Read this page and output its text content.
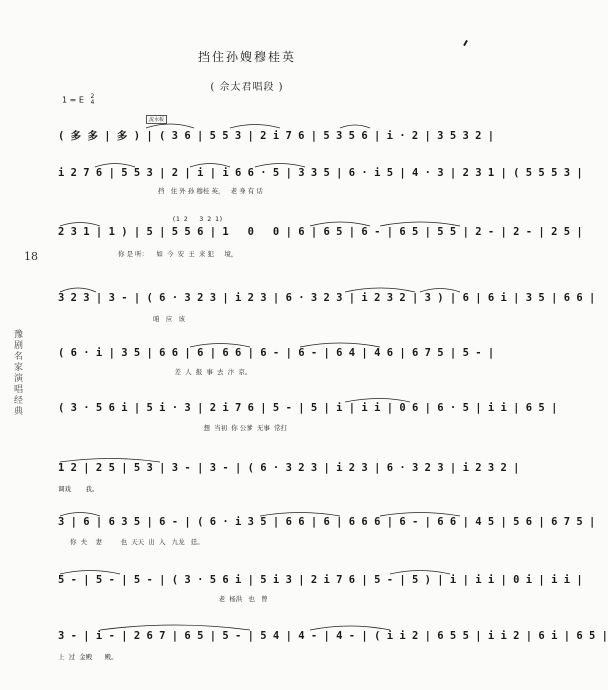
挡住孙嫂穆桂英
( 佘太君唱段 )
1 = E 2
4
流水板
18
豫剧名家演唱经典
( 多 多 | 多 ) | ( 3 6 | 5 5 3 | 2 i 7 6 | 5 3 5 6 | i · 2 | 3 5 3 2 |
i 2 7 6 | 5 5 3 | 2 | i | i 6 6 · 5 | 3 3 5 | 6 · i 5 | 4 · 3 | 2 3 1 | ( 5 5 5 3 |
挡   住 外 孙 穆桂 英，   老 身 有 话
(1 2   3 2 1)
2 3 1 | 1 ) | 5 | 5 5 6 | 1   0   0 | 6 | 6 5 | 6 - | 6 5 | 5 5 | 2 - | 2 - | 2 5 |
你 是 听：    如  今  安  王  来 犯     境，
3 2 3 | 3 - | ( 6 · 3 2 3 | i 2 3 | 6 · 3 2 3 | i 2 3 2 | 3 ) | 6 | 6 i | 3 5 | 6 6 |
咱   应   该
( 6 · i | 3 5 | 6 6 | 6 | 6 6 | 6 - | 6 - | 6 4 | 4 6 | 6 7 5 | 5 - |
差  人  报  事  去  汴  京。
( 3 · 5 6 i | 5 i · 3 | 2 i 7 6 | 5 - | 5 | i | i i | 0 6 | 6 · 5 | i i | 6 5 |
想  当初  你 公爹  无事  常打
1 2 | 2 5 | 5 3 | 3 - | 3 - | ( 6 · 3 2 3 | i 2 3 | 6 · 3 2 3 | i 2 3 2 |
调戏       我。
3 | 6 | 6 3 5 | 6 - | ( 6 · i 3 5 | 6 6 | 6 | 6 6 6 | 6 - | 6 6 | 4 5 | 5 6 | 6 7 5 |
你  夫    妻         也  天天  出  入   九龙   廷。
5 - | 5 - | 5 - | ( 3 · 5 6 i | 5 i 3 | 2 i 7 6 | 5 - | 5 ) | i | i i | 0 i | i i |
老  杨洪   也   曾
3 - | i - | 2 6 7 | 6 5 | 5 - | 5 4 | 4 - | 4 - | ( i i 2 | 6 5 5 | i i 2 | 6 i | 6 5 |
上  过  金殿      殿。
